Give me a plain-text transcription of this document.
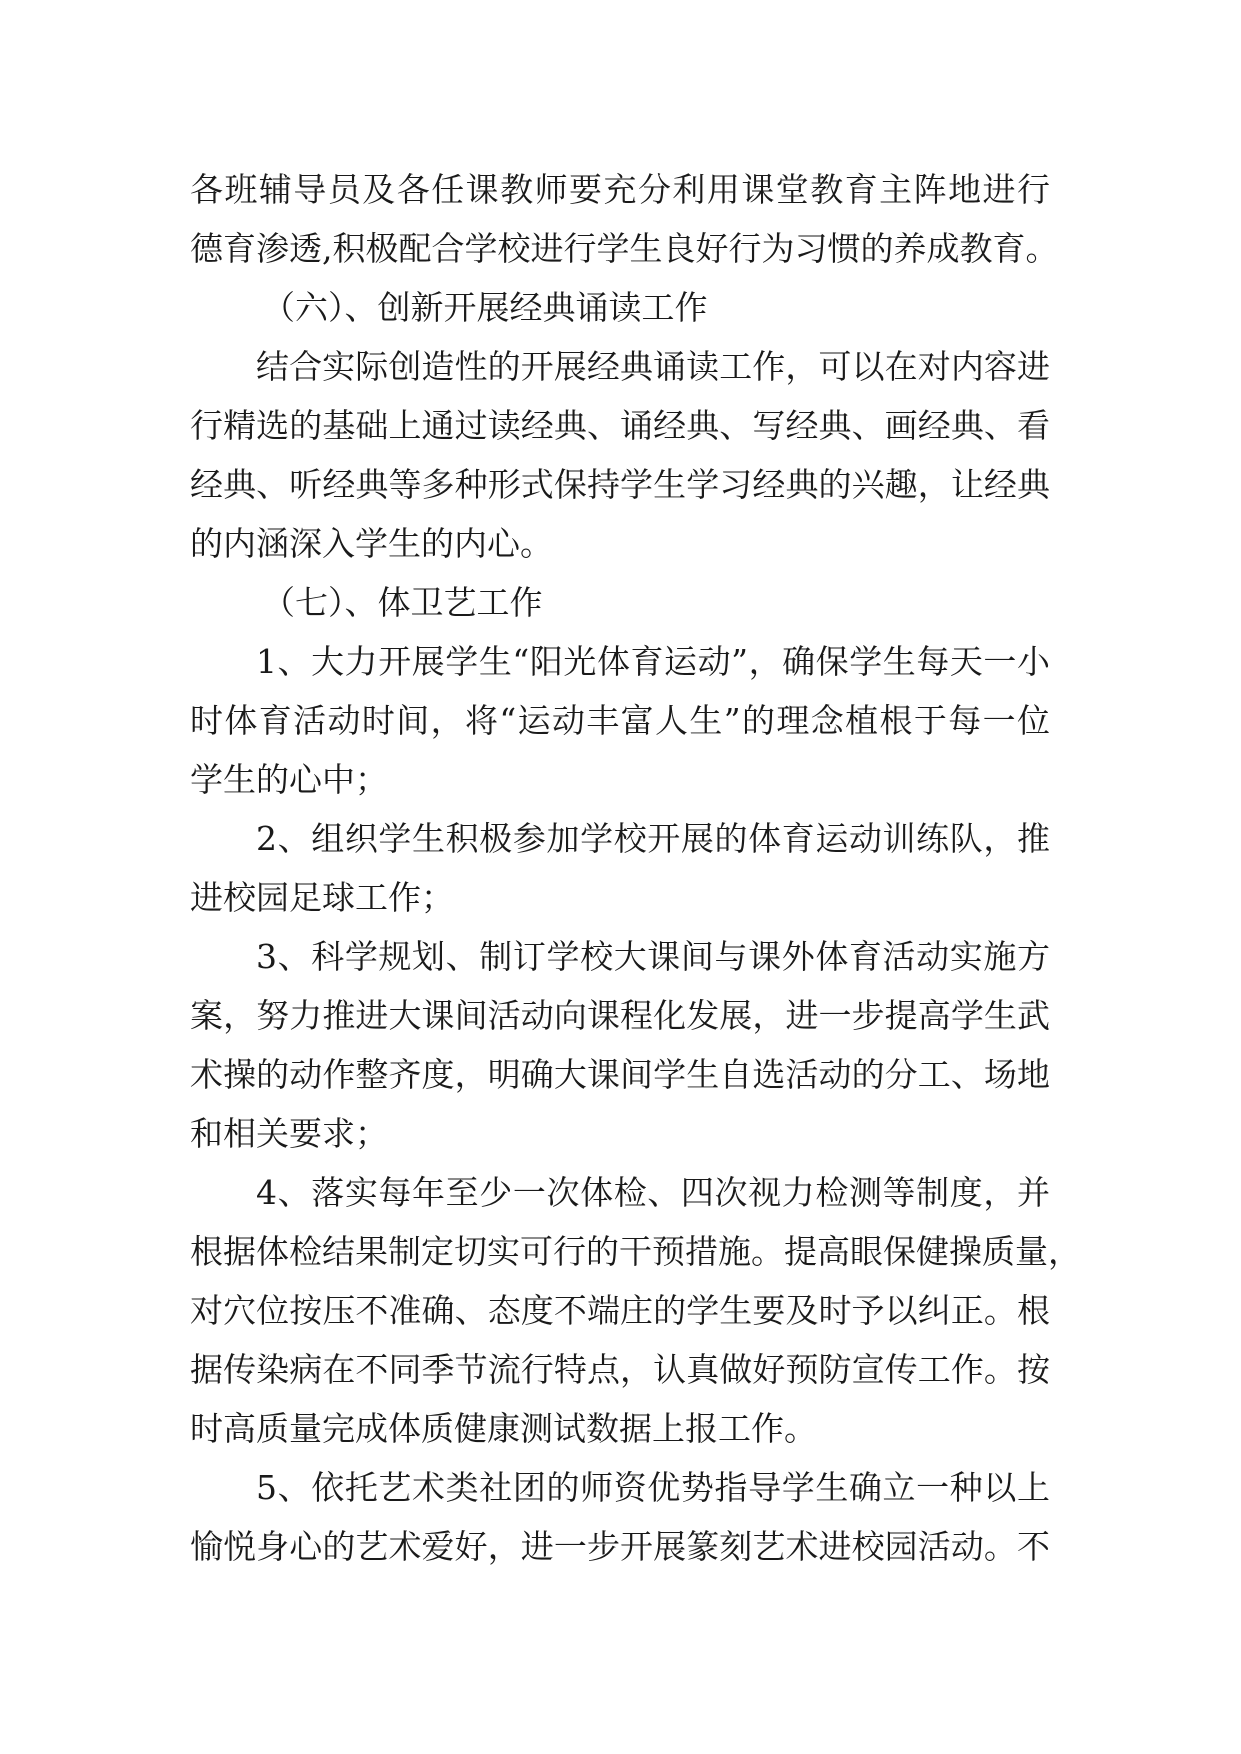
各班辅导员及各任课教师要充分利用课堂教育主阵地进行
德育渗透,积极配合学校进行学生良好行为习惯的养成教育。
（六）、创新开展经典诵读工作
结合实际创造性的开展经典诵读工作，可以在对内容进
行精选的基础上通过读经典、诵经典、写经典、画经典、看
经典、听经典等多种形式保持学生学习经典的兴趣，让经典
的内涵深入学生的内心。
（七）、体卫艺工作
1、大力开展学生“阳光体育运动”，确保学生每天一小
时体育活动时间，将“运动丰富人生”的理念植根于每一位
学生的心中；
2、组织学生积极参加学校开展的体育运动训练队，推
进校园足球工作；
3、科学规划、制订学校大课间与课外体育活动实施方
案，努力推进大课间活动向课程化发展，进一步提高学生武
术操的动作整齐度，明确大课间学生自选活动的分工、场地
和相关要求；
4、落实每年至少一次体检、四次视力检测等制度，并
根据体检结果制定切实可行的干预措施。提高眼保健操质量，
对穴位按压不准确、态度不端庄的学生要及时予以纠正。根
据传染病在不同季节流行特点，认真做好预防宣传工作。按
时高质量完成体质健康测试数据上报工作。
5、依托艺术类社团的师资优势指导学生确立一种以上
愉悦身心的艺术爱好，进一步开展篆刻艺术进校园活动。不
